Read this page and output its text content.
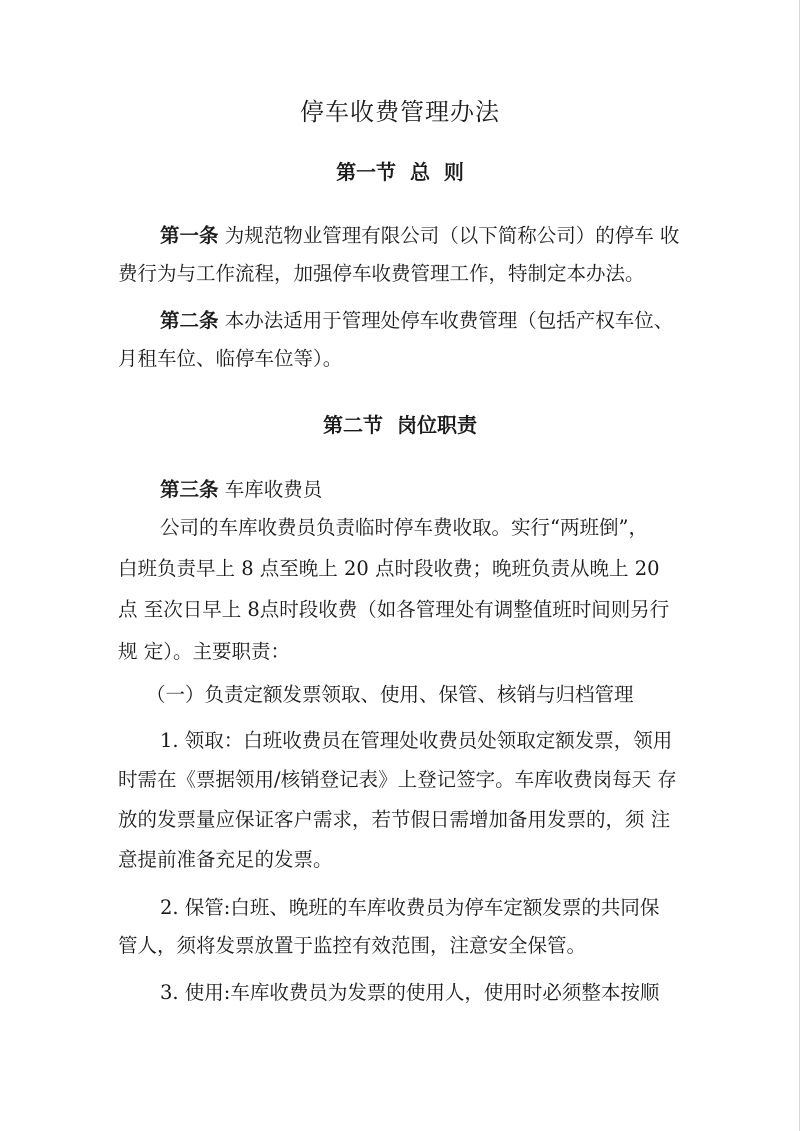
停车收费管理办法
第一节  总  则

第一条 为规范物业管理有限公司（以下简称公司）的停车 收

费行为与工作流程，加强停车收费管理工作，特制定本办法。

第二条 本办法适用于管理处停车收费管理（包括产权车位、

月租车位、临停车位等）。

第二节  岗位职责

第三条 车库收费员

公司的车库收费员负责临时停车费收取。实行“两班倒”，

白班负责早上 8 点至晚上 20 点时段收费；晚班负责从晚上 20

点 至次日早上 8点时段收费（如各管理处有调整值班时间则另行

规 定）。主要职责：

（一）负责定额发票领取、使用、保管、核销与归档管理

1. 领取：白班收费员在管理处收费员处领取定额发票，领用

时需在《票据领用/核销登记表》上登记签字。车库收费岗每天 存

放的发票量应保证客户需求，若节假日需增加备用发票的，须 注

意提前准备充足的发票。

2. 保管:白班、晚班的车库收费员为停车定额发票的共同保

管人，须将发票放置于监控有效范围，注意安全保管。

3. 使用:车库收费员为发票的使用人，使用时必须整本按顺
